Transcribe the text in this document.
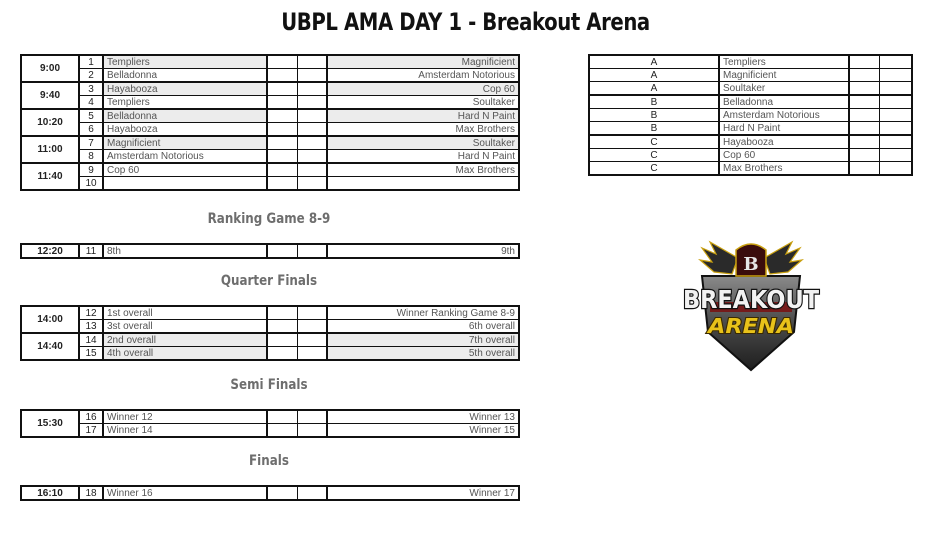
UBPL AMA DAY 1 - Breakout Arena
9:00	1	Templiers			Magnificient
	2	Belladonna			Amsterdam Notorious
9:40	3	Hayabooza			Cop 60
	4	Templiers			Soultaker
10:20	5	Belladonna			Hard N Paint
	6	Hayabooza			Max Brothers
11:00	7	Magnificient			Soultaker
	8	Amsterdam Notorious			Hard N Paint
11:40	9	Cop 60			Max Brothers
	10				
Ranking Game 8-9
12:20	11	8th			9th
Quarter Finals
14:00	12	1st overall			Winner Ranking Game 8-9
	13	3st overall			6th overall
14:40	14	2nd overall			7th overall
	15	4th overall			5th overall
Semi Finals
15:30	16	Winner 12			Winner 13
	17	Winner 14			Winner 15
Finals
16:10	18	Winner 16			Winner 17
A	Templiers		
A	Magnificient		
A	Soultaker		
B	Belladonna		
B	Amsterdam Notorious		
B	Hard N Paint		
C	Hayabooza		
C	Cop 60		
C	Max Brothers		
B
BREAKOUT
ARENA
